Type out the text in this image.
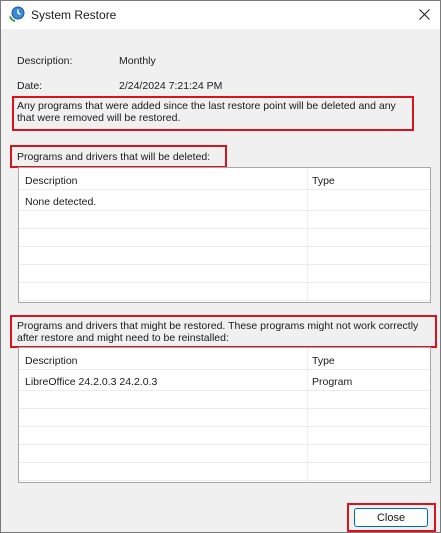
System Restore
Description:	Monthly
Date:	2/24/2024 7:21:24 PM
Any programs that were added since the last restore point will be deleted and any that were removed will be restored.
Programs and drivers that will be deleted:
Description	Type
None detected.
Programs and drivers that might be restored. These programs might not work correctly after restore and might need to be reinstalled:
Description	Type
LibreOffice 24.2.0.3 24.2.0.3	Program
Close
